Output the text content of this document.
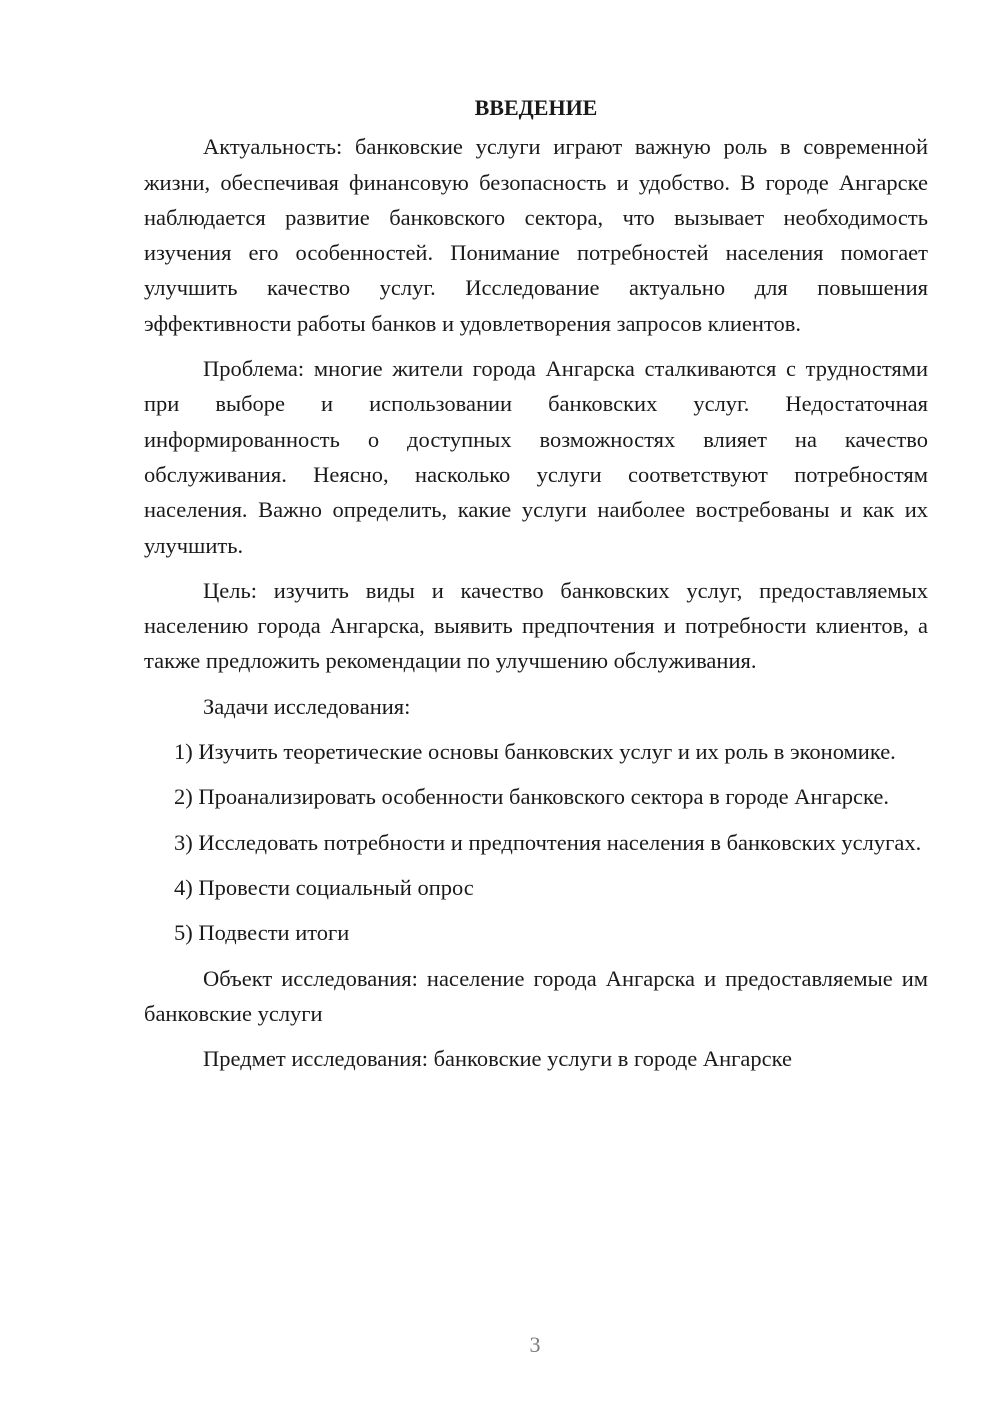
ВВЕДЕНИЕ

Актуальность: банковские услуги играют важную роль в современной жизни, обеспечивая финансовую безопасность и удобство. В городе Ангарске наблюдается развитие банковского сектора, что вызывает необходимость изучения его особенностей. Понимание потребностей населения помогает улучшить качество услуг. Исследование актуально для повышения эффективности работы банков и удовлетворения запросов клиентов.

Проблема: многие жители города Ангарска сталкиваются с трудностями при выборе и использовании банковских услуг. Недостаточная информированность о доступных возможностях влияет на качество обслуживания. Неясно, насколько услуги соответствуют потребностям населения. Важно определить, какие услуги наиболее востребованы и как их улучшить.

Цель: изучить виды и качество банковских услуг, предоставляемых населению города Ангарска, выявить предпочтения и потребности клиентов, а также предложить рекомендации по улучшению обслуживания.

Задачи исследования:

1) Изучить теоретические основы банковских услуг и их роль в экономике.

2) Проанализировать особенности банковского сектора в городе Ангарске.

3) Исследовать потребности и предпочтения населения в банковских услугах.

4) Провести социальный опрос

5) Подвести итоги

Объект исследования: население города Ангарска и предоставляемые им банковские услуги

Предмет исследования: банковские услуги в городе Ангарске

3
